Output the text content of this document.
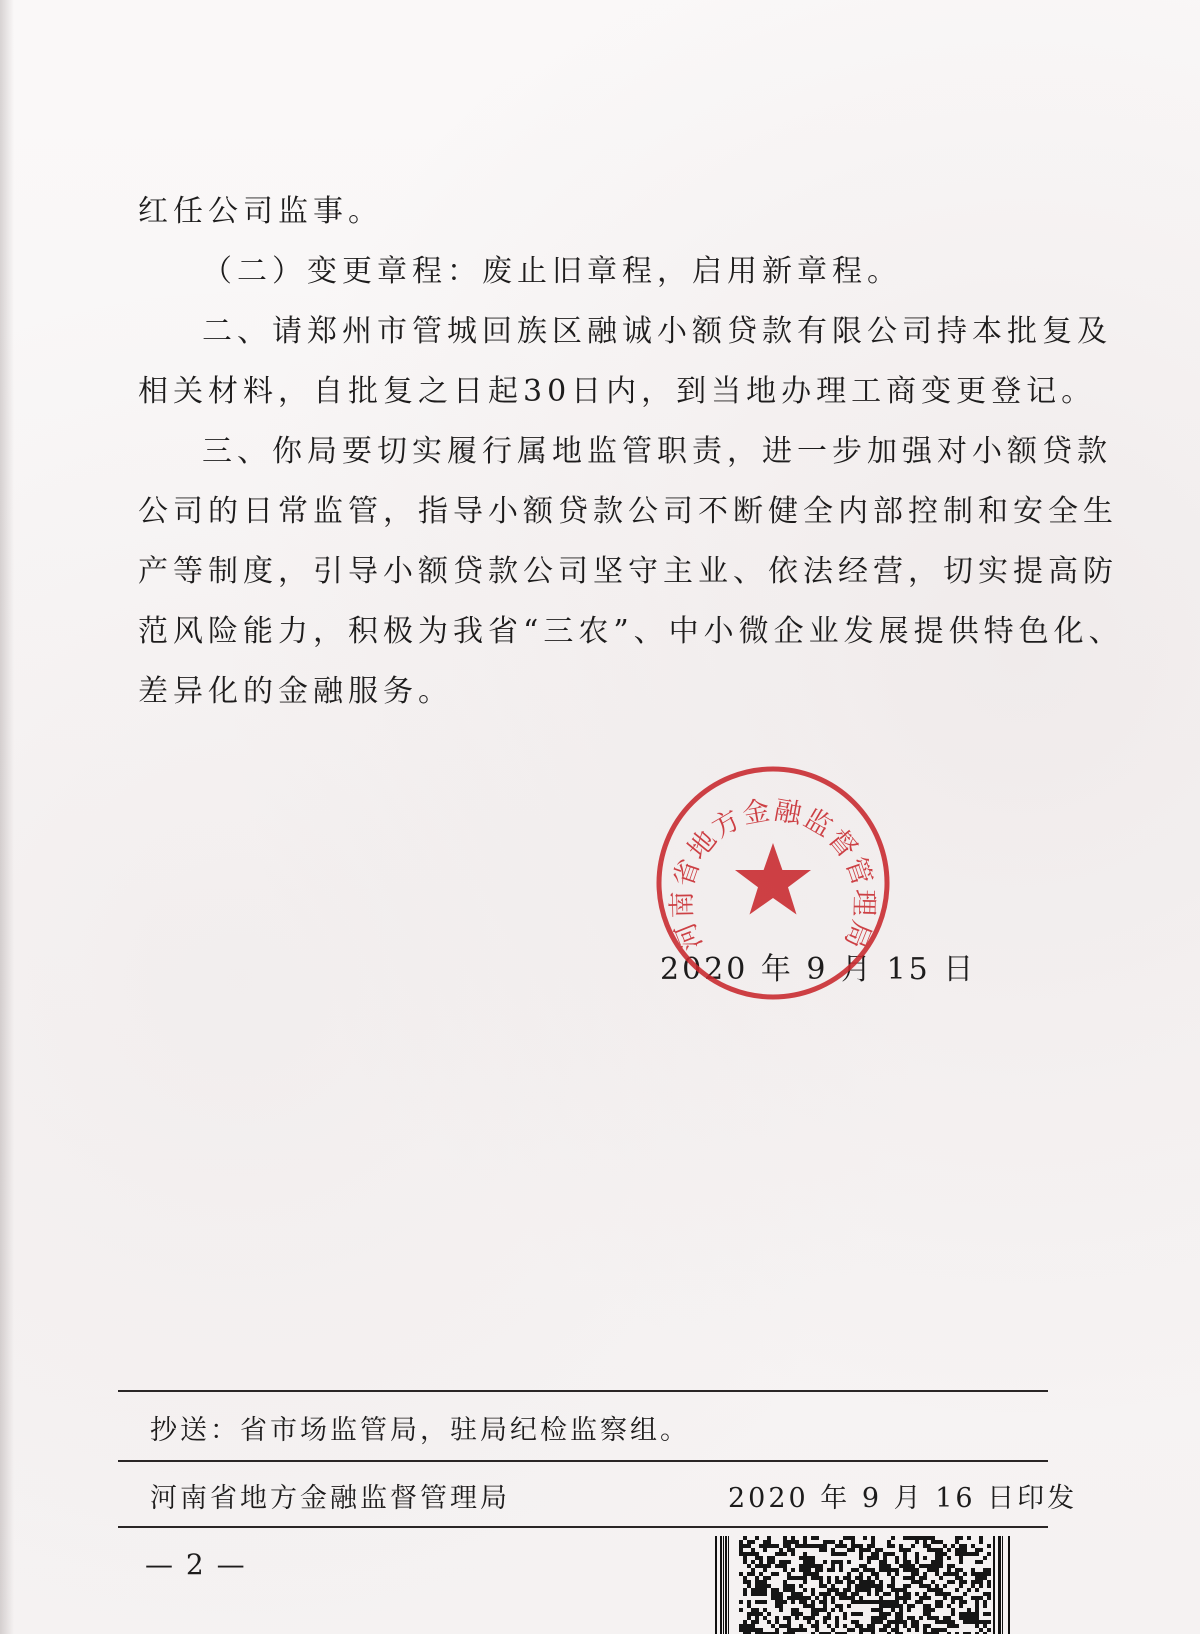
红任公司监事。

（二）变更章程：废止旧章程，启用新章程。

二、请郑州市管城回族区融诚小额贷款有限公司持本批复及

相关材料，自批复之日起30日内，到当地办理工商变更登记。

三、你局要切实履行属地监管职责，进一步加强对小额贷款

公司的日常监管，指导小额贷款公司不断健全内部控制和安全生

产等制度，引导小额贷款公司坚守主业、依法经营，切实提高防

范风险能力，积极为我省“三农”、中小微企业发展提供特色化、

差异化的金融服务。

2020 年 9 月 15 日
河南省地方金融监督管理局
抄送：省市场监管局，驻局纪检监察组。
河南省地方金融监督管理局	2020 年 9 月 16 日印发
— 2 —
